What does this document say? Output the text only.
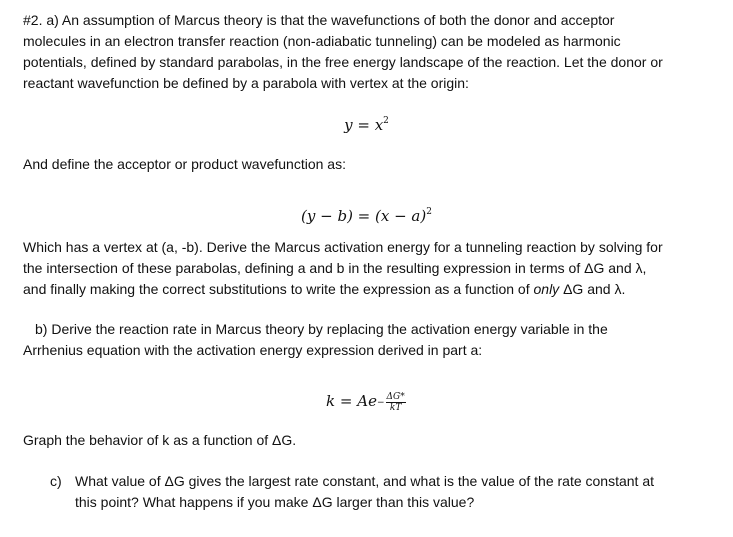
#2. a) An assumption of Marcus theory is that the wavefunctions of both the donor and acceptor
molecules in an electron transfer reaction (non-adiabatic tunneling) can be modeled as harmonic
potentials, defined by standard parabolas, in the free energy landscape of the reaction. Let the donor or
reactant wavefunction be defined by a parabola with vertex at the origin:

$y = x^2$

And define the acceptor or product wavefunction as:

$(y - b) = (x - a)^2$

Which has a vertex at (a, -b). Derive the Marcus activation energy for a tunneling reaction by solving for
the intersection of these parabolas, defining a and b in the resulting expression in terms of ΔG and λ,
and finally making the correct substitutions to write the expression as a function of only ΔG and λ.

b) Derive the reaction rate in Marcus theory by replacing the activation energy variable in the
Arrhenius equation with the activation energy expression derived in part a:

$k = Ae - \frac{\Delta G*}{kT}$

Graph the behavior of k as a function of ΔG.

c) What value of ΔG gives the largest rate constant, and what is the value of the rate constant at
this point? What happens if you make ΔG larger than this value?
